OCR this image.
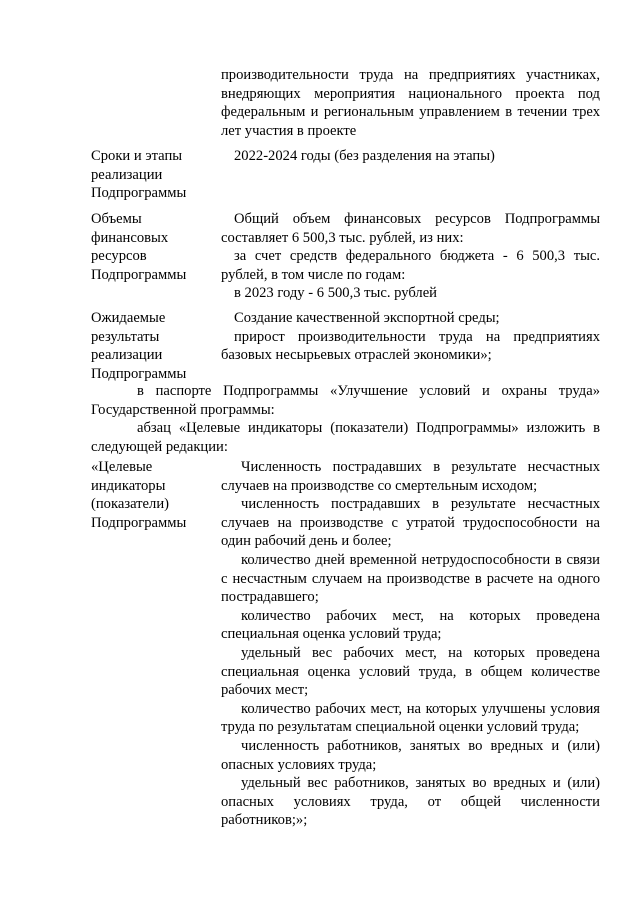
производительности труда на предприятиях участниках, внедряющих мероприятия национального проекта под федеральным и региональным управлением в течении трех лет участия в проекте
Сроки и этапы реализации Подпрограммы
2022-2024 годы (без разделения на этапы)
Объемы финансовых ресурсов Подпрограммы
Общий объем финансовых ресурсов Подпрограммы составляет 6 500,3 тыс. рублей, из них:
за счет средств федерального бюджета - 6 500,3 тыс. рублей, в том числе по годам:
в 2023 году - 6 500,3 тыс. рублей
Ожидаемые результаты реализации Подпрограммы
Создание качественной экспортной среды;
прирост производительности труда на предприятиях базовых несырьевых отраслей экономики»;
в паспорте Подпрограммы «Улучшение условий и охраны труда» Государственной программы:
абзац «Целевые индикаторы (показатели) Подпрограммы» изложить в следующей редакции:
«Целевые индикаторы (показатели) Подпрограммы
Численность пострадавших в результате несчастных случаев на производстве со смертельным исходом;
численность пострадавших в результате несчастных случаев на производстве с утратой трудоспособности на один рабочий день и более;
количество дней временной нетрудоспособности в связи с несчастным случаем на производстве в расчете на одного пострадавшего;
количество рабочих мест, на которых проведена специальная оценка условий труда;
удельный вес рабочих мест, на которых проведена специальная оценка условий труда, в общем количестве рабочих мест;
количество рабочих мест, на которых улучшены условия труда по результатам специальной оценки условий труда;
численность работников, занятых во вредных и (или) опасных условиях труда;
удельный вес работников, занятых во вредных и (или) опасных условиях труда, от общей численности работников;»;
